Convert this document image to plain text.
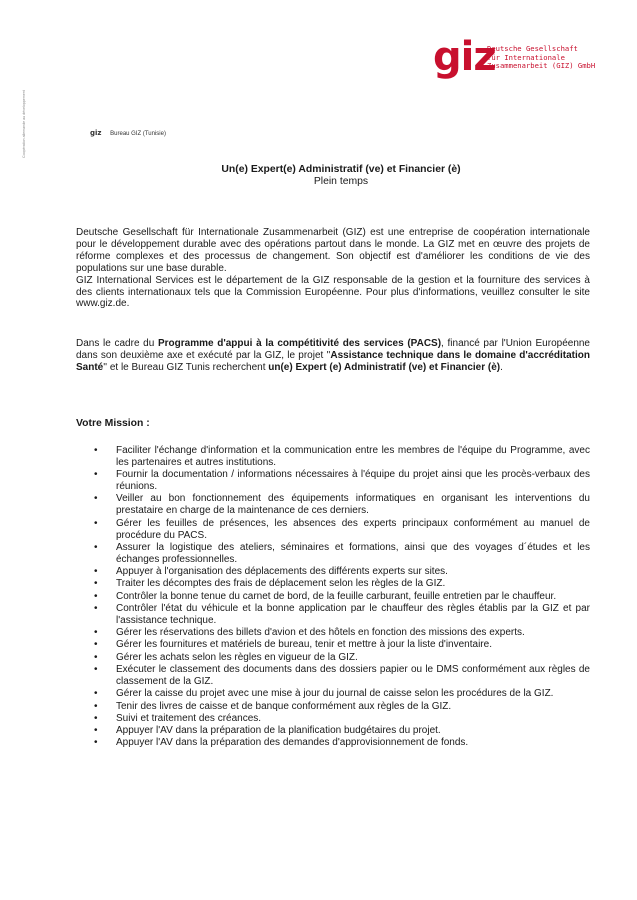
Coopération allemande au développement
giz
Deutsche Gesellschaft
für Internationale
Zusammenarbeit (GIZ) GmbH
giz Bureau GIZ (Tunisie)
Un(e) Expert(e) Administratif (ve) et Financier (è)
Plein temps

Deutsche Gesellschaft für Internationale Zusammenarbeit (GIZ) est une entreprise de coopération internationale pour le développement durable avec des opérations partout dans le monde. La GIZ met en œuvre des projets de réforme complexes et des processus de changement. Son objectif est d'améliorer les conditions de vie des populations sur une base durable.

GIZ International Services est le département de la GIZ responsable de la gestion et la fourniture des services à des clients internationaux tels que la Commission Européenne. Pour plus d'informations, veuillez consulter le site www.giz.de.

Dans le cadre du Programme d'appui à la compétitivité des services (PACS), financé par l'Union Européenne dans son deuxième axe et exécuté par la GIZ, le projet ''Assistance technique dans le domaine d'accréditation Santé'' et le Bureau GIZ Tunis recherchent un(e) Expert (e) Administratif (ve) et Financier (è).

Votre Mission :
• Faciliter l'échange d'information et la communication entre les membres de l'équipe du Programme, avec les partenaires et autres institutions.
• Fournir la documentation / informations nécessaires à l'équipe du projet ainsi que les procès-verbaux des réunions.
• Veiller au bon fonctionnement des équipements informatiques en organisant les interventions du prestataire en charge de la maintenance de ces derniers.
• Gérer les feuilles de présences, les absences des experts principaux conformément au manuel de procédure du PACS.
• Assurer la logistique des ateliers, séminaires et formations, ainsi que des voyages d´études et les échanges professionnelles.
• Appuyer à l'organisation des déplacements des différents experts sur sites.
• Traiter les décomptes des frais de déplacement selon les règles de la GIZ.
• Contrôler la bonne tenue du carnet de bord, de la feuille carburant, feuille entretien par le chauffeur.
• Contrôler l'état du véhicule et la bonne application par le chauffeur des règles établis par la GIZ et par l'assistance technique.
• Gérer les réservations des billets d'avion et des hôtels en fonction des missions des experts.
• Gérer les fournitures et matériels de bureau, tenir et mettre à jour la liste d'inventaire.
• Gérer les achats selon les règles en vigueur de la GIZ.
• Exécuter le classement des documents dans des dossiers papier ou le DMS conformément aux règles de classement de la GIZ.
• Gérer la caisse du projet avec une mise à jour du journal de caisse selon les procédures de la GIZ.
• Tenir des livres de caisse et de banque conformément aux règles de la GIZ.
• Suivi et traitement des créances.
• Appuyer l'AV dans la préparation de la planification budgétaires du projet.
• Appuyer l'AV dans la préparation des demandes d'approvisionnement de fonds.
